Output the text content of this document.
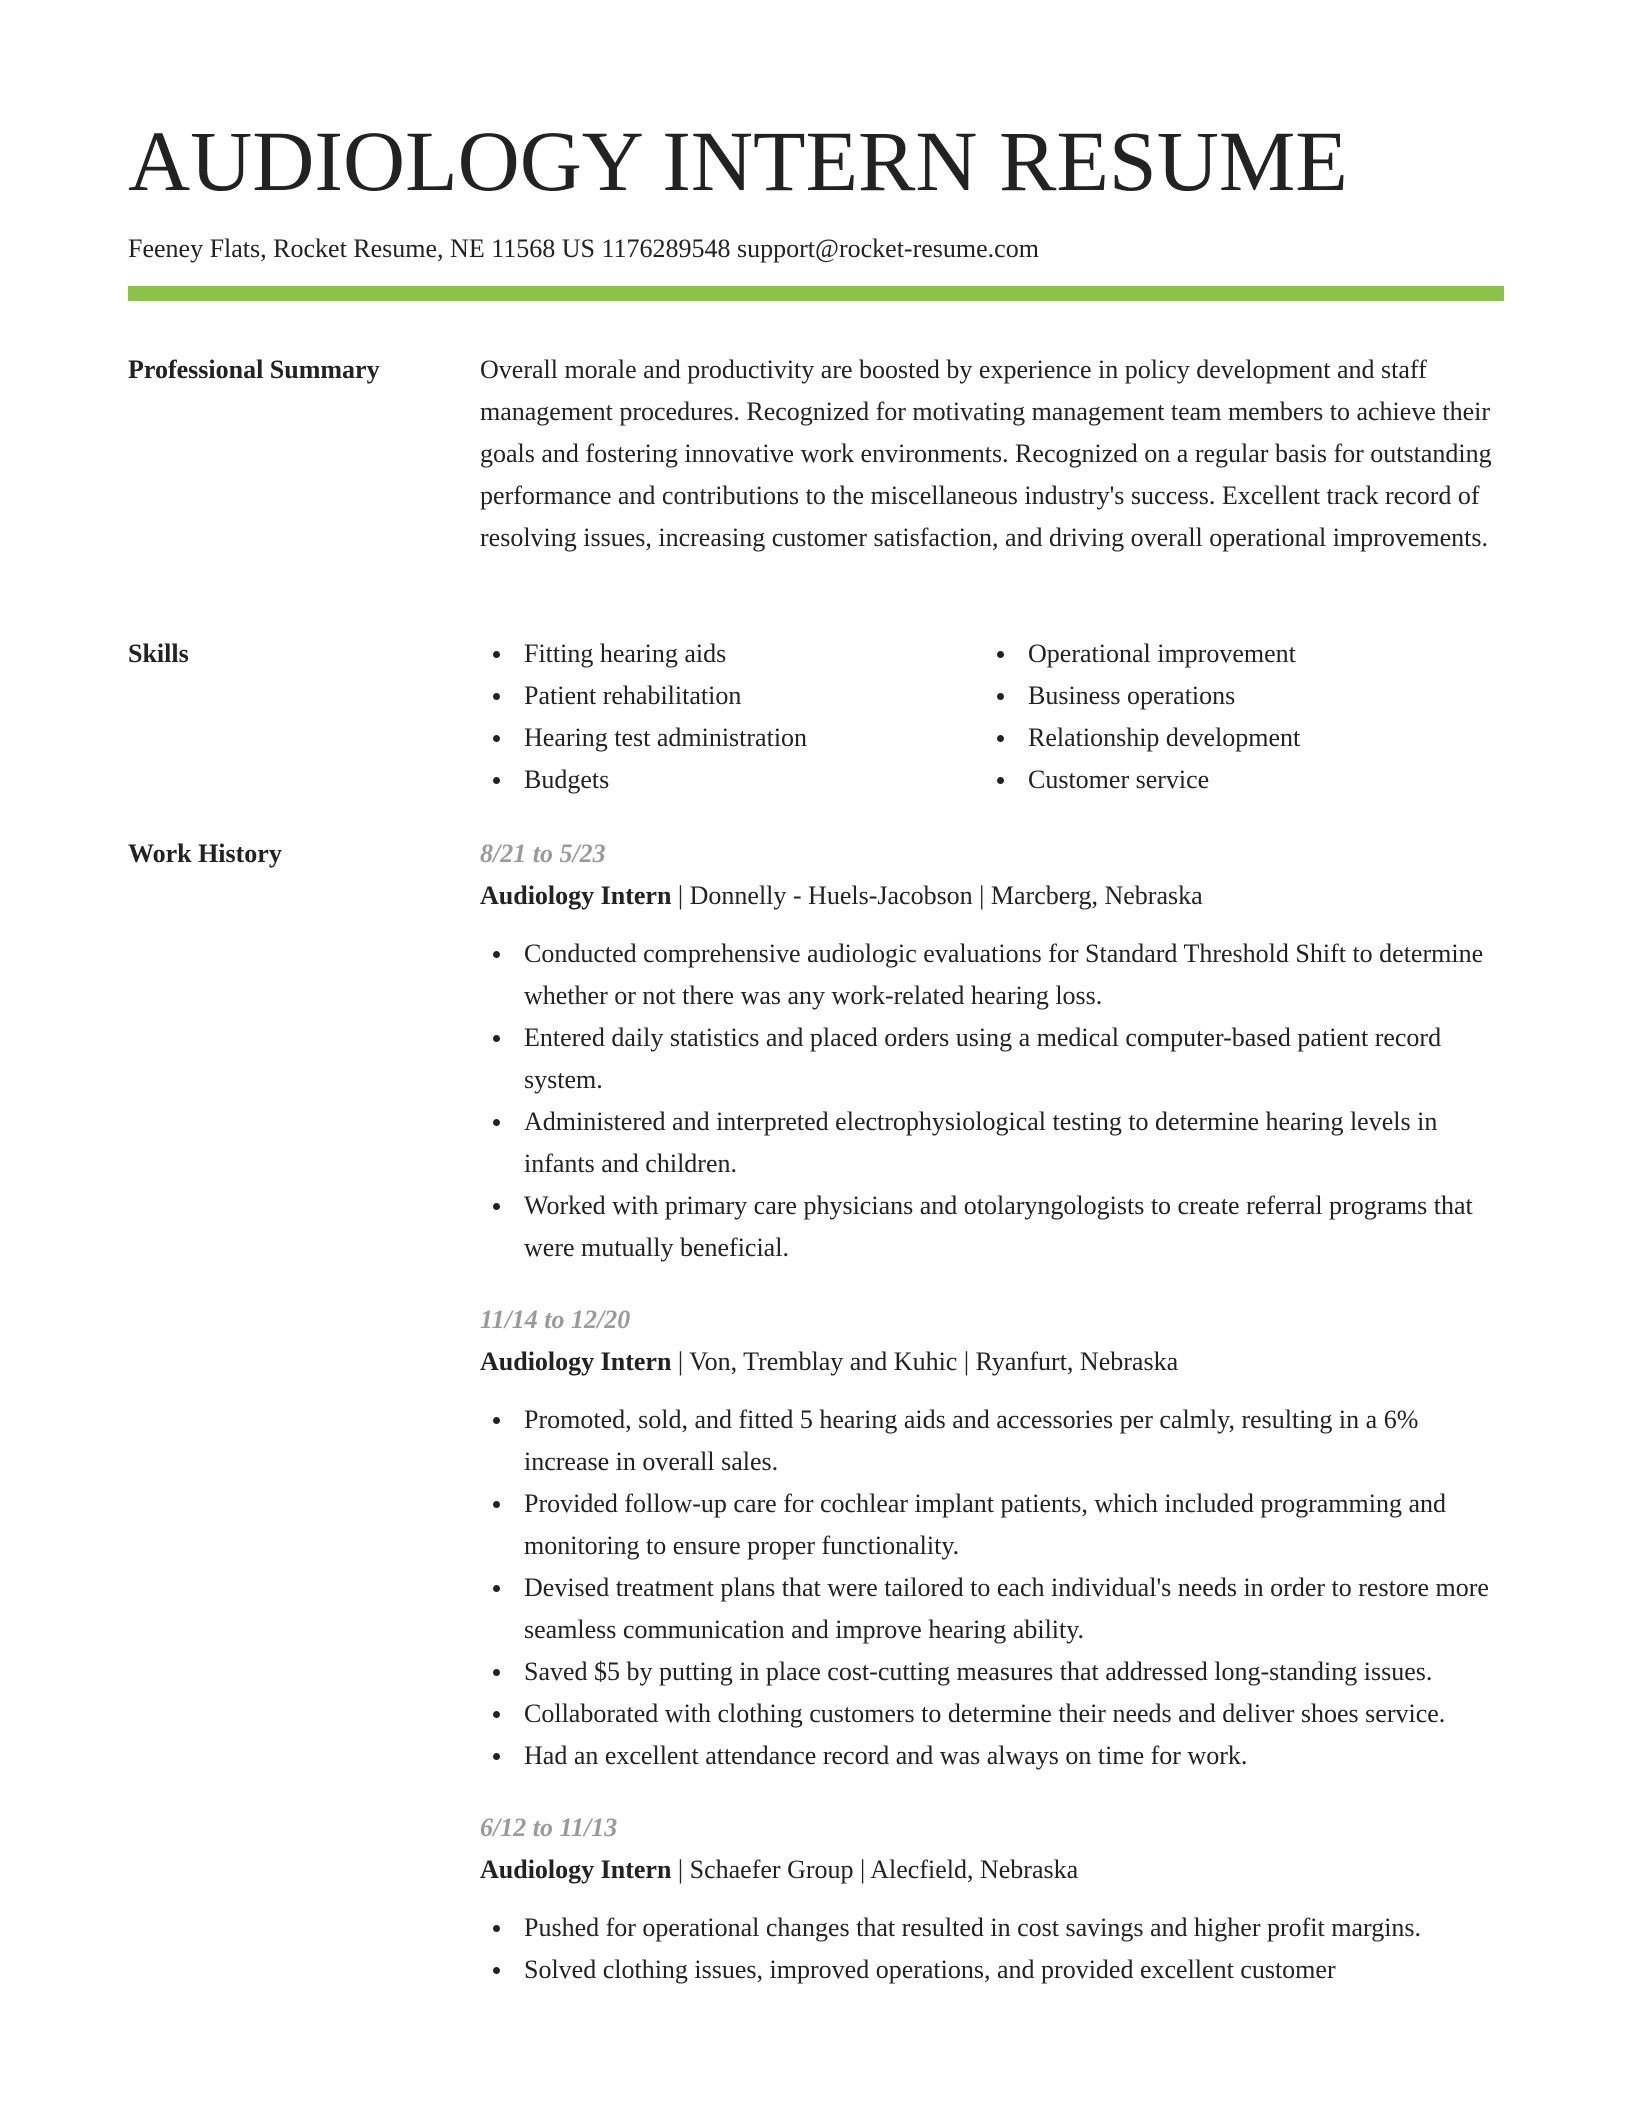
AUDIOLOGY INTERN RESUME
Feeney Flats, Rocket Resume, NE 11568 US 1176289548 support@rocket-resume.com
Professional Summary	Overall morale and productivity are boosted by experience in policy development and staff management procedures. Recognized for motivating management team members to achieve their goals and fostering innovative work environments. Recognized on a regular basis for outstanding performance and contributions to the miscellaneous industry's success. Excellent track record of resolving issues, increasing customer satisfaction, and driving overall operational improvements.

Skills	Fitting hearing aids
Patient rehabilitation
Hearing test administration
Budgets
Operational improvement
Business operations
Relationship development
Customer service
Work History	8/21 to 5/23
Audiology Intern | Donnelly - Huels-Jacobson | Marcberg, Nebraska
Conducted comprehensive audiologic evaluations for Standard Threshold Shift to determine whether or not there was any work-related hearing loss.
Entered daily statistics and placed orders using a medical computer-based patient record system.
Administered and interpreted electrophysiological testing to determine hearing levels in infants and children.
Worked with primary care physicians and otolaryngologists to create referral programs that were mutually beneficial.
11/14 to 12/20
Audiology Intern | Von, Tremblay and Kuhic | Ryanfurt, Nebraska
Promoted, sold, and fitted 5 hearing aids and accessories per calmly, resulting in a 6% increase in overall sales.
Provided follow-up care for cochlear implant patients, which included programming and monitoring to ensure proper functionality.
Devised treatment plans that were tailored to each individual's needs in order to restore more seamless communication and improve hearing ability.
Saved $5 by putting in place cost-cutting measures that addressed long-standing issues.
Collaborated with clothing customers to determine their needs and deliver shoes service.
Had an excellent attendance record and was always on time for work.
6/12 to 11/13
Audiology Intern | Schaefer Group | Alecfield, Nebraska
Pushed for operational changes that resulted in cost savings and higher profit margins.
Solved clothing issues, improved operations, and provided excellent customer
